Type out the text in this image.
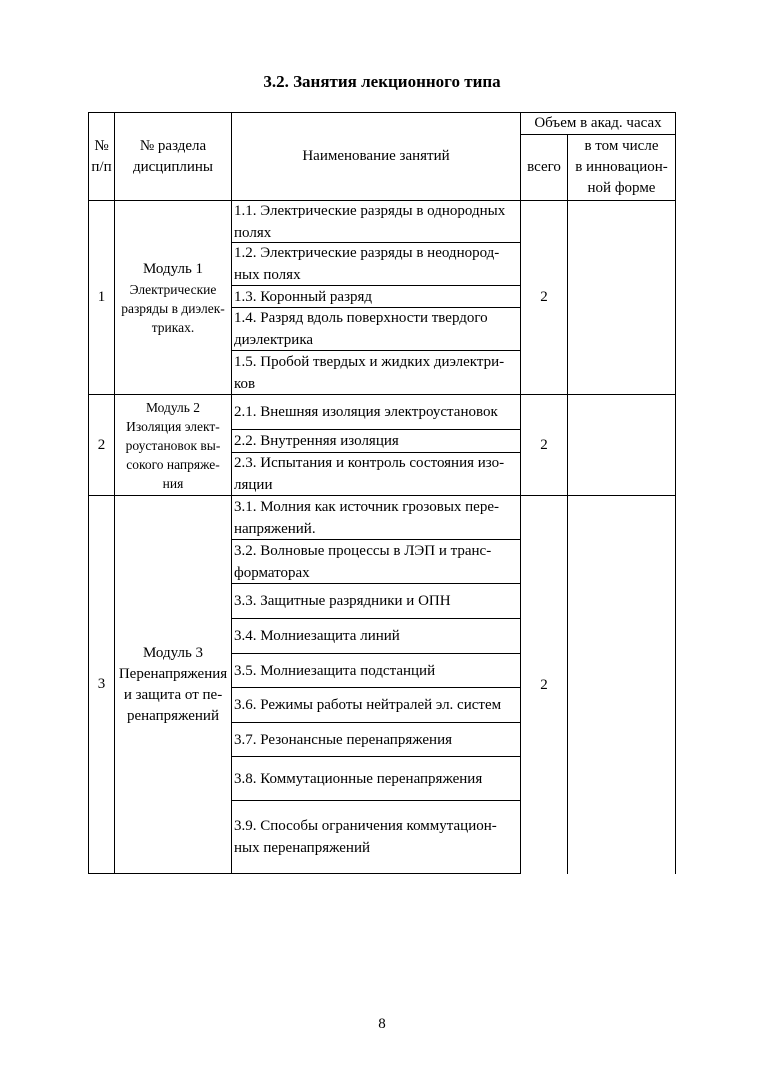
3.2. Занятия лекционного типа
№
п/п
№ раздела
дисциплины
Наименование занятий
Объем в акад. часах
всего
в том числе
в инновацион-
ной форме
1
Модуль 1
Электрические
разряды в диэлек-
триках.
1.1. Электрические разряды в однородных
полях
1.2. Электрические разряды в неоднород-
ных полях
1.3. Коронный разряд
1.4. Разряд вдоль поверхности твердого
диэлектрика
1.5. Пробой твердых и жидких диэлектри-
ков
2
2
Модуль 2
Изоляция элект-
роустановок вы-
сокого напряже-
ния
2.1. Внешняя изоляция электроустановок
2.2. Внутренняя изоляция
2.3. Испытания и контроль состояния изо-
ляции
2
3
Модуль 3
Перенапряжения
и защита от пе-
ренапряжений
3.1. Молния как источник грозовых пере-
напряжений.
3.2. Волновые процессы в ЛЭП и транс-
форматорах
3.3. Защитные разрядники и ОПН
3.4. Молниезащита линий
3.5. Молниезащита подстанций
3.6. Режимы работы нейтралей эл. систем
3.7. Резонансные перенапряжения
3.8. Коммутационные перенапряжения
3.9. Способы ограничения коммутацион-
ных перенапряжений
2
8
